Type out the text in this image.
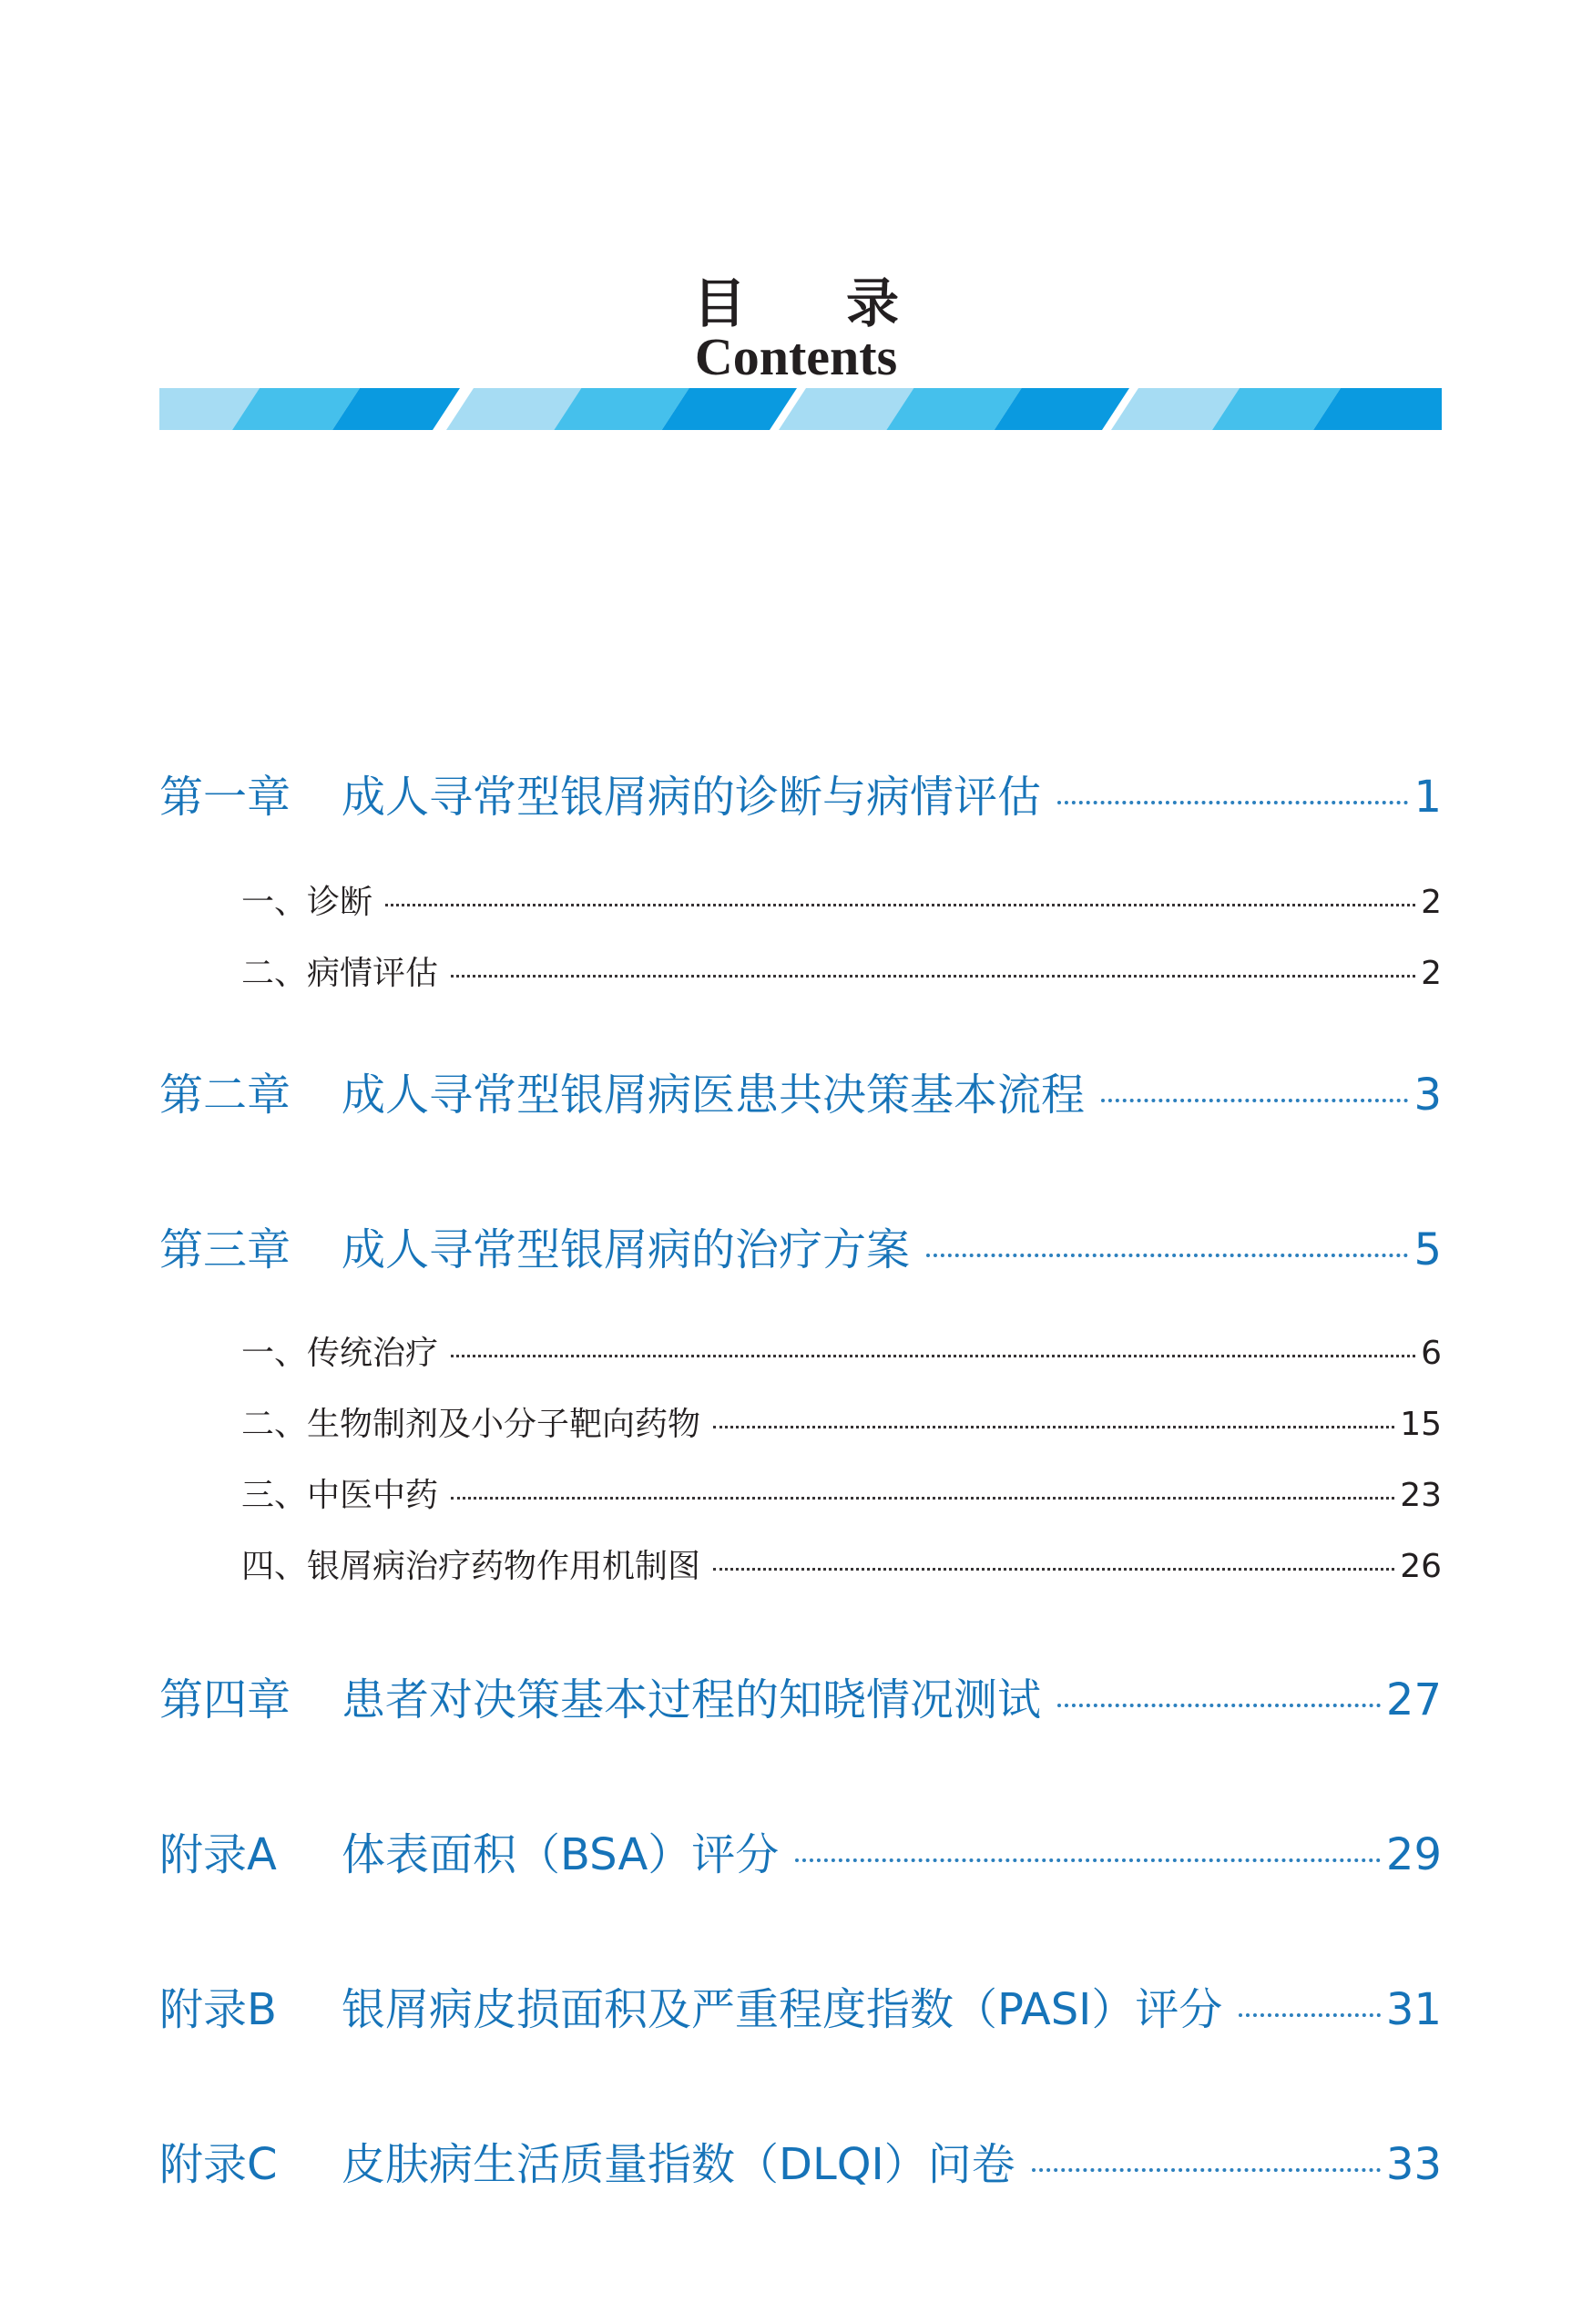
目 录
Contents
第一章 成人寻常型银屑病的诊断与病情评估	1
一、诊断	2
二、病情评估	2
第二章 成人寻常型银屑病医患共决策基本流程	3
第三章 成人寻常型银屑病的治疗方案	5
一、传统治疗	6
二、生物制剂及小分子靶向药物	15
三、中医中药	23
四、银屑病治疗药物作用机制图	26
第四章 患者对决策基本过程的知晓情况测试	27
附录A 体表面积（BSA）评分	29
附录B 银屑病皮损面积及严重程度指数（PASI）评分	31
附录C 皮肤病生活质量指数（DLQI）问卷	33
